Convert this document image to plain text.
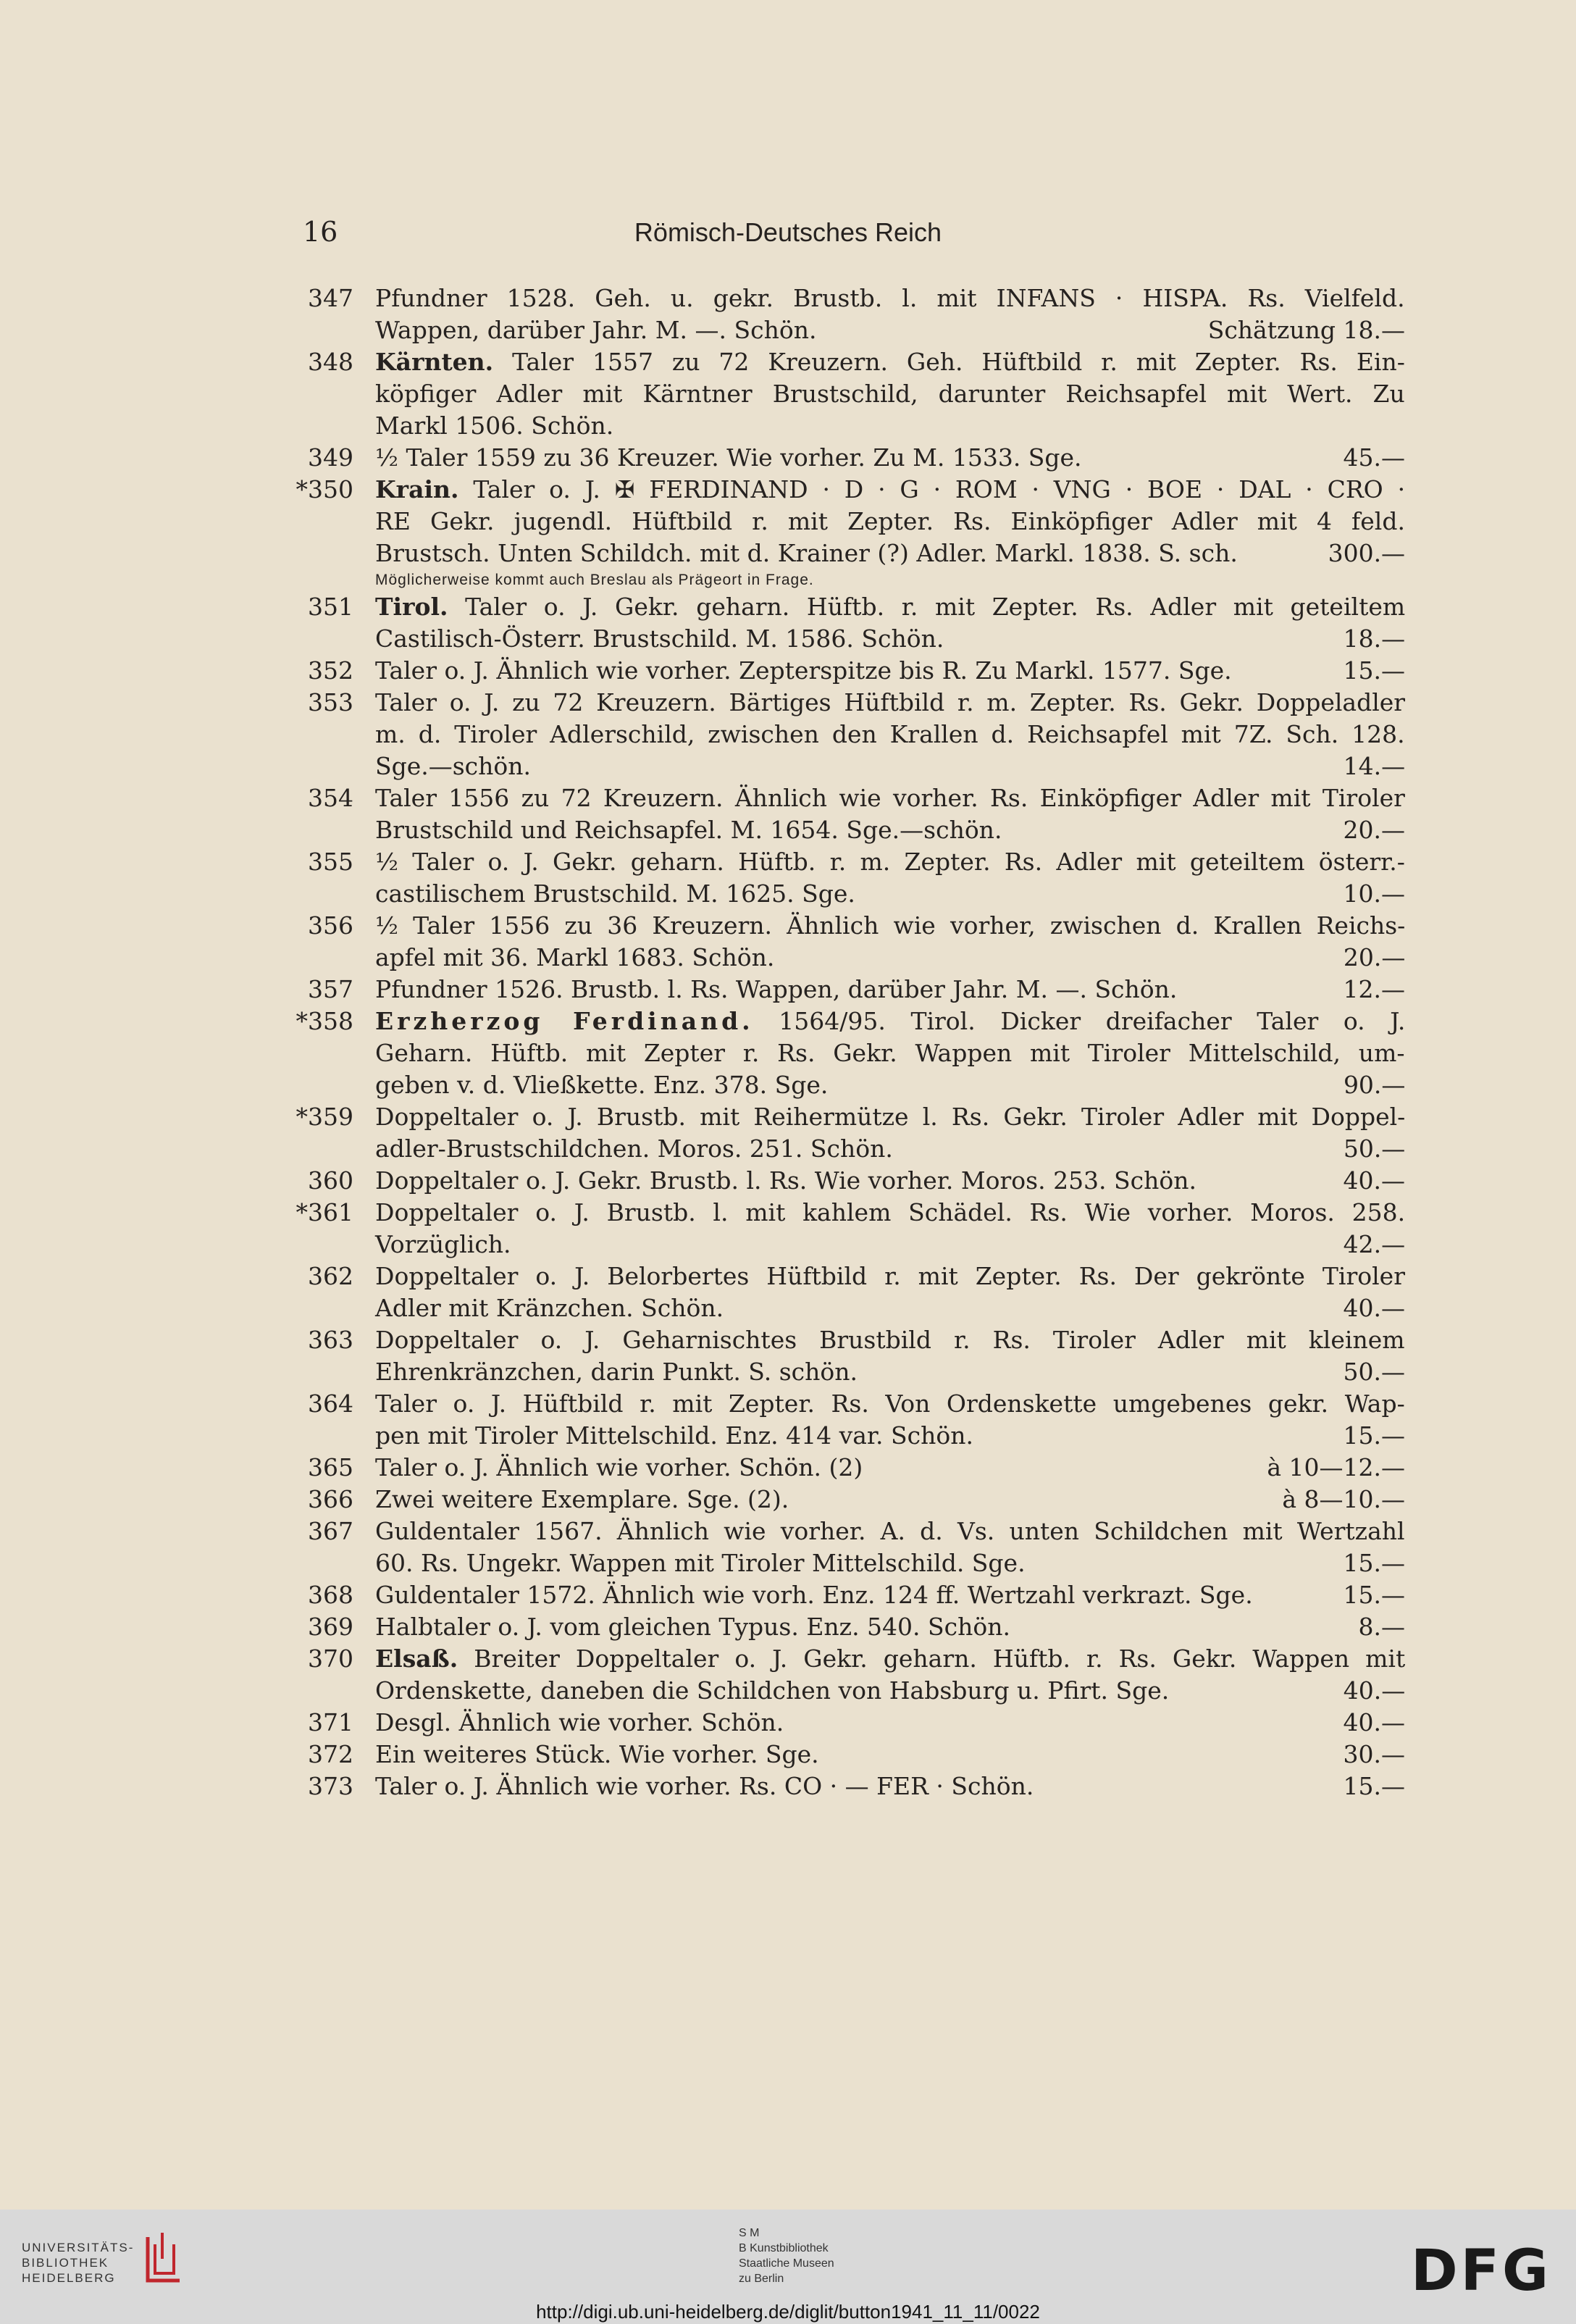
16	Römisch-Deutsches Reich
347 Pfundner 1528. Geh. u. gekr. Brustb. l. mit INFANS · HISPA. Rs. Vielfeld.
Wappen, darüber Jahr. M. —. Schön.	Schätzung 18.—
348 Kärnten. Taler 1557 zu 72 Kreuzern. Geh. Hüftbild r. mit Zepter. Rs. Ein-
köpfiger Adler mit Kärntner Brustschild, darunter Reichsapfel mit Wert. Zu
Markl 1506. Schön.
349 ½ Taler 1559 zu 36 Kreuzer. Wie vorher. Zu M. 1533. Sge.	45.—
*350 Krain. Taler o. J. ✠ FERDINAND · D · G · ROM · VNG · BOE · DAL · CRO ·
RE Gekr. jugendl. Hüftbild r. mit Zepter. Rs. Einköpfiger Adler mit 4 feld.
Brustsch. Unten Schildch. mit d. Krainer (?) Adler. Markl. 1838. S. sch.	300.—
Möglicherweise kommt auch Breslau als Prägeort in Frage.
351 Tirol. Taler o. J. Gekr. geharn. Hüftb. r. mit Zepter. Rs. Adler mit geteiltem
Castilisch-Österr. Brustschild. M. 1586. Schön.	18.—
352 Taler o. J. Ähnlich wie vorher. Zepterspitze bis R. Zu Markl. 1577. Sge.	15.—
353 Taler o. J. zu 72 Kreuzern. Bärtiges Hüftbild r. m. Zepter. Rs. Gekr. Doppeladler
m. d. Tiroler Adlerschild, zwischen den Krallen d. Reichsapfel mit 7Z. Sch. 128.
Sge.—schön.	14.—
354 Taler 1556 zu 72 Kreuzern. Ähnlich wie vorher. Rs. Einköpfiger Adler mit Tiroler
Brustschild und Reichsapfel. M. 1654. Sge.—schön.	20.—
355 ½ Taler o. J. Gekr. geharn. Hüftb. r. m. Zepter. Rs. Adler mit geteiltem österr.-
castilischem Brustschild. M. 1625. Sge.	10.—
356 ½ Taler 1556 zu 36 Kreuzern. Ähnlich wie vorher, zwischen d. Krallen Reichs-
apfel mit 36. Markl 1683. Schön.	20.—
357 Pfundner 1526. Brustb. l. Rs. Wappen, darüber Jahr. M. —. Schön.	12.—
*358 Erzherzog Ferdinand. 1564/95. Tirol. Dicker dreifacher Taler o. J.
Geharn. Hüftb. mit Zepter r. Rs. Gekr. Wappen mit Tiroler Mittelschild, um-
geben v. d. Vließkette. Enz. 378. Sge.	90.—
*359 Doppeltaler o. J. Brustb. mit Reihermütze l. Rs. Gekr. Tiroler Adler mit Doppel-
adler-Brustschildchen. Moros. 251. Schön.	50.—
360 Doppeltaler o. J. Gekr. Brustb. l. Rs. Wie vorher. Moros. 253. Schön.	40.—
*361 Doppeltaler o. J. Brustb. l. mit kahlem Schädel. Rs. Wie vorher. Moros. 258.
Vorzüglich.	42.—
362 Doppeltaler o. J. Belorbertes Hüftbild r. mit Zepter. Rs. Der gekrönte Tiroler
Adler mit Kränzchen. Schön.	40.—
363 Doppeltaler o. J. Geharnischtes Brustbild r. Rs. Tiroler Adler mit kleinem
Ehrenkränzchen, darin Punkt. S. schön.	50.—
364 Taler o. J. Hüftbild r. mit Zepter. Rs. Von Ordenskette umgebenes gekr. Wap-
pen mit Tiroler Mittelschild. Enz. 414 var. Schön.	15.—
365 Taler o. J. Ähnlich wie vorher. Schön. (2)	à 10—12.—
366 Zwei weitere Exemplare. Sge. (2).	à 8—10.—
367 Guldentaler 1567. Ähnlich wie vorher. A. d. Vs. unten Schildchen mit Wertzahl
60. Rs. Ungekr. Wappen mit Tiroler Mittelschild. Sge.	15.—
368 Guldentaler 1572. Ähnlich wie vorh. Enz. 124 ff. Wertzahl verkrazt. Sge.	15.—
369 Halbtaler o. J. vom gleichen Typus. Enz. 540. Schön.	8.—
370 Elsaß. Breiter Doppeltaler o. J. Gekr. geharn. Hüftb. r. Rs. Gekr. Wappen mit
Ordenskette, daneben die Schildchen von Habsburg u. Pfirt. Sge.	40.—
371 Desgl. Ähnlich wie vorher. Schön.	40.—
372 Ein weiteres Stück. Wie vorher. Sge.	30.—
373 Taler o. J. Ähnlich wie vorher. Rs. CO · — FER · Schön.	15.—
UNIVERSITÄTS-
BIBLIOTHEK
HEIDELBERG
S M
B Kunstbibliothek
Staatliche Museen
zu Berlin	DFG
http://digi.ub.uni-heidelberg.de/diglit/button1941_11_11/0022
